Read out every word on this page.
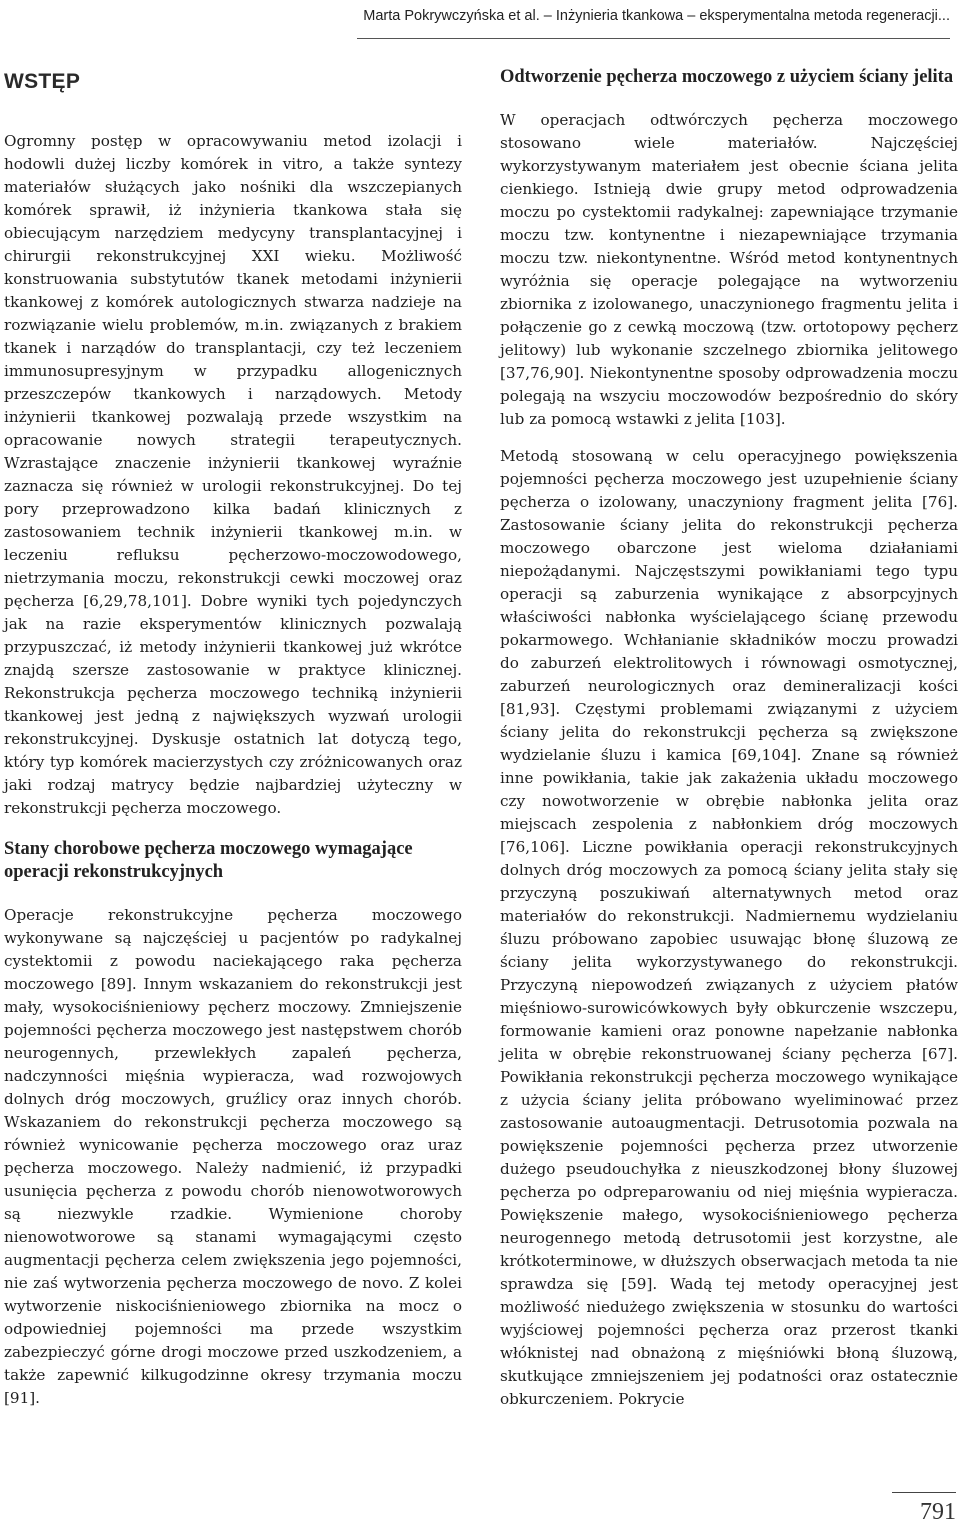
Marta Pokrywczyńska et al. – Inżynieria tkankowa – eksperymentalna metoda regeneracji...
WSTĘP

Ogromny postęp w opracowywaniu metod izolacji i hodowli dużej liczby komórek in vitro, a także syntezy materiałów służących jako nośniki dla wszczepianych komórek sprawił, iż inżynieria tkankowa stała się obiecującym narzędziem medycyny transplantacyjnej i chirurgii rekonstrukcyjnej XXI wieku. Możliwość konstruowania substytutów tkanek metodami inżynierii tkankowej z komórek autologicznych stwarza nadzieje na rozwiązanie wielu problemów, m.in. związanych z brakiem tkanek i narządów do transplantacji, czy też leczeniem immunosupresyjnym w przypadku allogenicznych przeszczepów tkankowych i narządowych. Metody inżynierii tkankowej pozwalają przede wszystkim na opracowanie nowych strategii terapeutycznych. Wzrastające znaczenie inżynierii tkankowej wyraźnie zaznacza się również w urologii rekonstrukcyjnej. Do tej pory przeprowadzono kilka badań klinicznych z zastosowaniem technik inżynierii tkankowej m.in. w leczeniu refluksu pęcherzowo-moczowodowego, nietrzymania moczu, rekonstrukcji cewki moczowej oraz pęcherza [6,29,78,101]. Dobre wyniki tych pojedynczych jak na razie eksperymentów klinicznych pozwalają przypuszczać, iż metody inżynierii tkankowej już wkrótce znajdą szersze zastosowanie w praktyce klinicznej. Rekonstrukcja pęcherza moczowego techniką inżynierii tkankowej jest jedną z największych wyzwań urologii rekonstrukcyjnej. Dyskusje ostatnich lat dotyczą tego, który typ komórek macierzystych czy zróżnicowanych oraz jaki rodzaj matrycy będzie najbardziej użyteczny w rekonstrukcji pęcherza moczowego.

Stany chorobowe pęcherza moczowego wymagające operacji rekonstrukcyjnych

Operacje rekonstrukcyjne pęcherza moczowego wykonywane są najczęściej u pacjentów po radykalnej cystektomii z powodu naciekającego raka pęcherza moczowego [89]. Innym wskazaniem do rekonstrukcji jest mały, wysokociśnieniowy pęcherz moczowy. Zmniejszenie pojemności pęcherza moczowego jest następstwem chorób neurogennych, przewlekłych zapaleń pęcherza, nadczynności mięśnia wypieracza, wad rozwojowych dolnych dróg moczowych, gruźlicy oraz innych chorób. Wskazaniem do rekonstrukcji pęcherza moczowego są również wynicowanie pęcherza moczowego oraz uraz pęcherza moczowego. Należy nadmienić, iż przypadki usunięcia pęcherza z powodu chorób nienowotworowych są niezwykle rzadkie. Wymienione choroby nienowotworowe są stanami wymagającymi często augmentacji pęcherza celem zwiększenia jego pojemności, nie zaś wytworzenia pęcherza moczowego de novo. Z kolei wytworzenie niskociśnieniowego zbiornika na mocz o odpowiedniej pojemności ma przede wszystkim zabezpieczyć górne drogi moczowe przed uszkodzeniem, a także zapewnić kilkugodzinne okresy trzymania moczu [91].

Odtworzenie pęcherza moczowego z użyciem ściany jelita

W operacjach odtwórczych pęcherza moczowego stosowano wiele materiałów. Najczęściej wykorzystywanym materiałem jest obecnie ściana jelita cienkiego. Istnieją dwie grupy metod odprowadzenia moczu po cystektomii radykalnej: zapewniające trzymanie moczu tzw. kontynentne i niezapewniające trzymania moczu tzw. niekontynentne. Wśród metod kontynentnych wyróżnia się operacje polegające na wytworzeniu zbiornika z izolowanego, unaczynionego fragmentu jelita i połączenie go z cewką moczową (tzw. ortotopowy pęcherz jelitowy) lub wykonanie szczelnego zbiornika jelitowego [37,76,90]. Niekontynentne sposoby odprowadzenia moczu polegają na wszyciu moczowodów bezpośrednio do skóry lub za pomocą wstawki z jelita [103].

Metodą stosowaną w celu operacyjnego powiększenia pojemności pęcherza moczowego jest uzupełnienie ściany pęcherza o izolowany, unaczyniony fragment jelita [76]. Zastosowanie ściany jelita do rekonstrukcji pęcherza moczowego obarczone jest wieloma działaniami niepożądanymi. Najczęstszymi powikłaniami tego typu operacji są zaburzenia wynikające z absorpcyjnych właściwości nabłonka wyścielającego ścianę przewodu pokarmowego. Wchłanianie składników moczu prowadzi do zaburzeń elektrolitowych i równowagi osmotycznej, zaburzeń neurologicznych oraz demineralizacji kości [81,93]. Częstymi problemami związanymi z użyciem ściany jelita do rekonstrukcji pęcherza są zwiększone wydzielanie śluzu i kamica [69,104]. Znane są również inne powikłania, takie jak zakażenia układu moczowego czy nowotworzenie w obrębie nabłonka jelita oraz miejscach zespolenia z nabłonkiem dróg moczowych [76,106]. Liczne powikłania operacji rekonstrukcyjnych dolnych dróg moczowych za pomocą ściany jelita stały się przyczyną poszukiwań alternatywnych metod oraz materiałów do rekonstrukcji. Nadmiernemu wydzielaniu śluzu próbowano zapobiec usuwając błonę śluzową ze ściany jelita wykorzystywanego do rekonstrukcji. Przyczyną niepowodzeń związanych z użyciem płatów mięśniowo-surowicówkowych były obkurczenie wszczepu, formowanie kamieni oraz ponowne napełzanie nabłonka jelita w obrębie rekonstruowanej ściany pęcherza [67]. Powikłania rekonstrukcji pęcherza moczowego wynikające z użycia ściany jelita próbowano wyeliminować przez zastosowanie autoaugmentacji. Detrusotomia pozwala na powiększenie pojemności pęcherza przez utworzenie dużego pseudouchyłka z nieuszkodzonej błony śluzowej pęcherza po odpreparowaniu od niej mięśnia wypieracza. Powiększenie małego, wysokociśnieniowego pęcherza neurogennego metodą detrusotomii jest korzystne, ale krótkoterminowe, w dłuższych obserwacjach metoda ta nie sprawdza się [59]. Wadą tej metody operacyjnej jest możliwość niedużego zwiększenia w stosunku do wartości wyjściowej pojemności pęcherza oraz przerost tkanki włóknistej nad obnażoną z mięśniówki błoną śluzową, skutkujące zmniejszeniem jej podatności oraz ostatecznie obkurczeniem. Pokrycie

791
